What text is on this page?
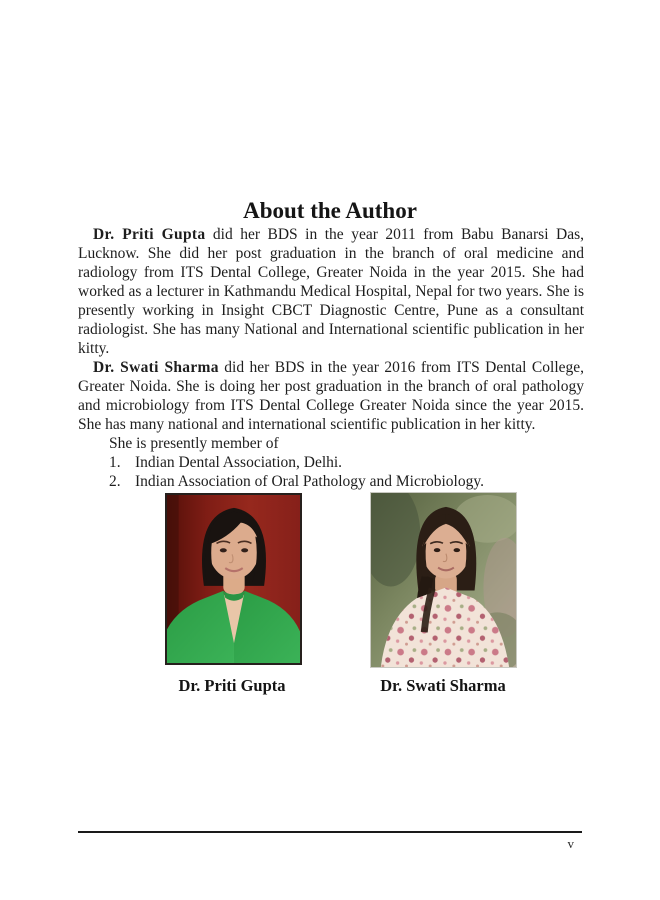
About the Author

Dr. Priti Gupta did her BDS in the year 2011 from Babu Banarsi Das, Lucknow. She did her post graduation in the branch of oral medicine and radiology from ITS Dental College, Greater Noida in the year 2015. She had worked as a lecturer in Kathmandu Medical Hospital, Nepal for two years. She is presently working in Insight CBCT Diagnostic Centre, Pune as a consultant radiologist. She has many National and International scientific publication in her kitty.

Dr. Swati Sharma did her BDS in the year 2016 from ITS Dental College, Greater Noida. She is doing her post graduation in the branch of oral pathology and microbiology from ITS Dental College Greater Noida since the year 2015. She has many national and international scientific publication in her kitty.

She is presently member of

1. Indian Dental Association, Delhi.
2. Indian Association of Oral Pathology and Microbiology.
Dr. Priti Gupta	Dr. Swati Sharma
v
